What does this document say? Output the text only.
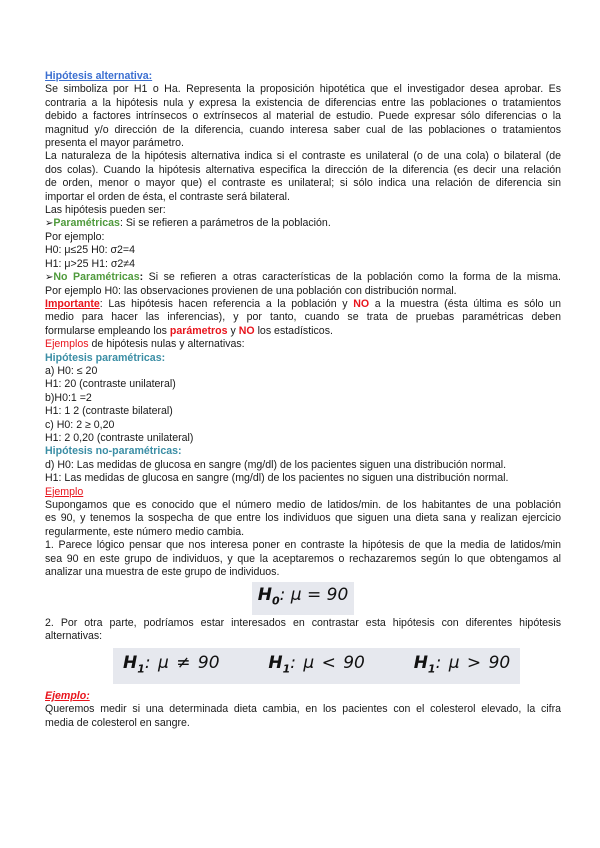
Hipótesis alternativa:
Se simboliza por H1 o Ha. Representa la proposición hipotética que el investigador desea aprobar. Es
contraria a la hipótesis nula y expresa la existencia de diferencias entre las poblaciones o tratamientos
debido a factores intrínsecos o extrínsecos al material de estudio. Puede expresar sólo diferencias o la
magnitud y/o dirección de la diferencia, cuando interesa saber cual de las poblaciones o tratamientos
presenta el mayor parámetro.
La naturaleza de la hipótesis alternativa indica si el contraste es unilateral (o de una cola) o bilateral (de
dos colas). Cuando la hipótesis alternativa especifica la dirección de la diferencia (es decir una relación
de orden, menor o mayor que) el contraste es unilateral; si sólo indica una relación de diferencia sin
importar el orden de ésta, el contraste será bilateral.
Las hipótesis pueden ser:
➢Paramétricas: Si se refieren a parámetros de la población.
Por ejemplo:
H0: μ≤25 H0: σ2=4
H1: μ>25 H1: σ2≠4
➢No Paramétricas: Si se refieren a otras características de la población como la forma de la misma.
Por ejemplo H0: las observaciones provienen de una población con distribución normal.
Importante: Las hipótesis hacen referencia a la población y NO a la muestra (ésta última es sólo un
medio para hacer las inferencias), y por tanto, cuando se trata de pruebas paramétricas deben
formularse empleando los parámetros y NO los estadísticos.
Ejemplos de hipótesis nulas y alternativas:
Hipótesis paramétricas:
a) H0: ≤ 20
H1: 20 (contraste unilateral)
b)H0:1 =2
H1: 1 2 (contraste bilateral)
c) H0: 2 ≥ 0,20
H1: 2 0,20 (contraste unilateral)
Hipótesis no-paramétricas:
d) H0: Las medidas de glucosa en sangre (mg/dl) de los pacientes siguen una distribución normal.
H1: Las medidas de glucosa en sangre (mg/dl) de los pacientes no siguen una distribución normal.
Ejemplo
Supongamos que es conocido que el número medio de latidos/min. de los habitantes de una población
es 90, y tenemos la sospecha de que entre los individuos que siguen una dieta sana y realizan ejercicio
regularmente, este número medio cambia.
1. Parece lógico pensar que nos interesa poner en contraste la hipótesis de que la media de latidos/min
sea 90 en este grupo de individuos, y que la aceptaremos o rechazaremos según lo que obtengamos al
analizar una muestra de este grupo de individuos.
$H_0$: μ = 90
2. Por otra parte, podríamos estar interesados en contrastar esta hipótesis con diferentes hipótesis
alternativas:
$H_1$: μ ≠ 90	$H_1$: μ < 90	$H_1$: μ > 90
Ejemplo:
Queremos medir si una determinada dieta cambia, en los pacientes con el colesterol elevado, la cifra
media de colesterol en sangre.
